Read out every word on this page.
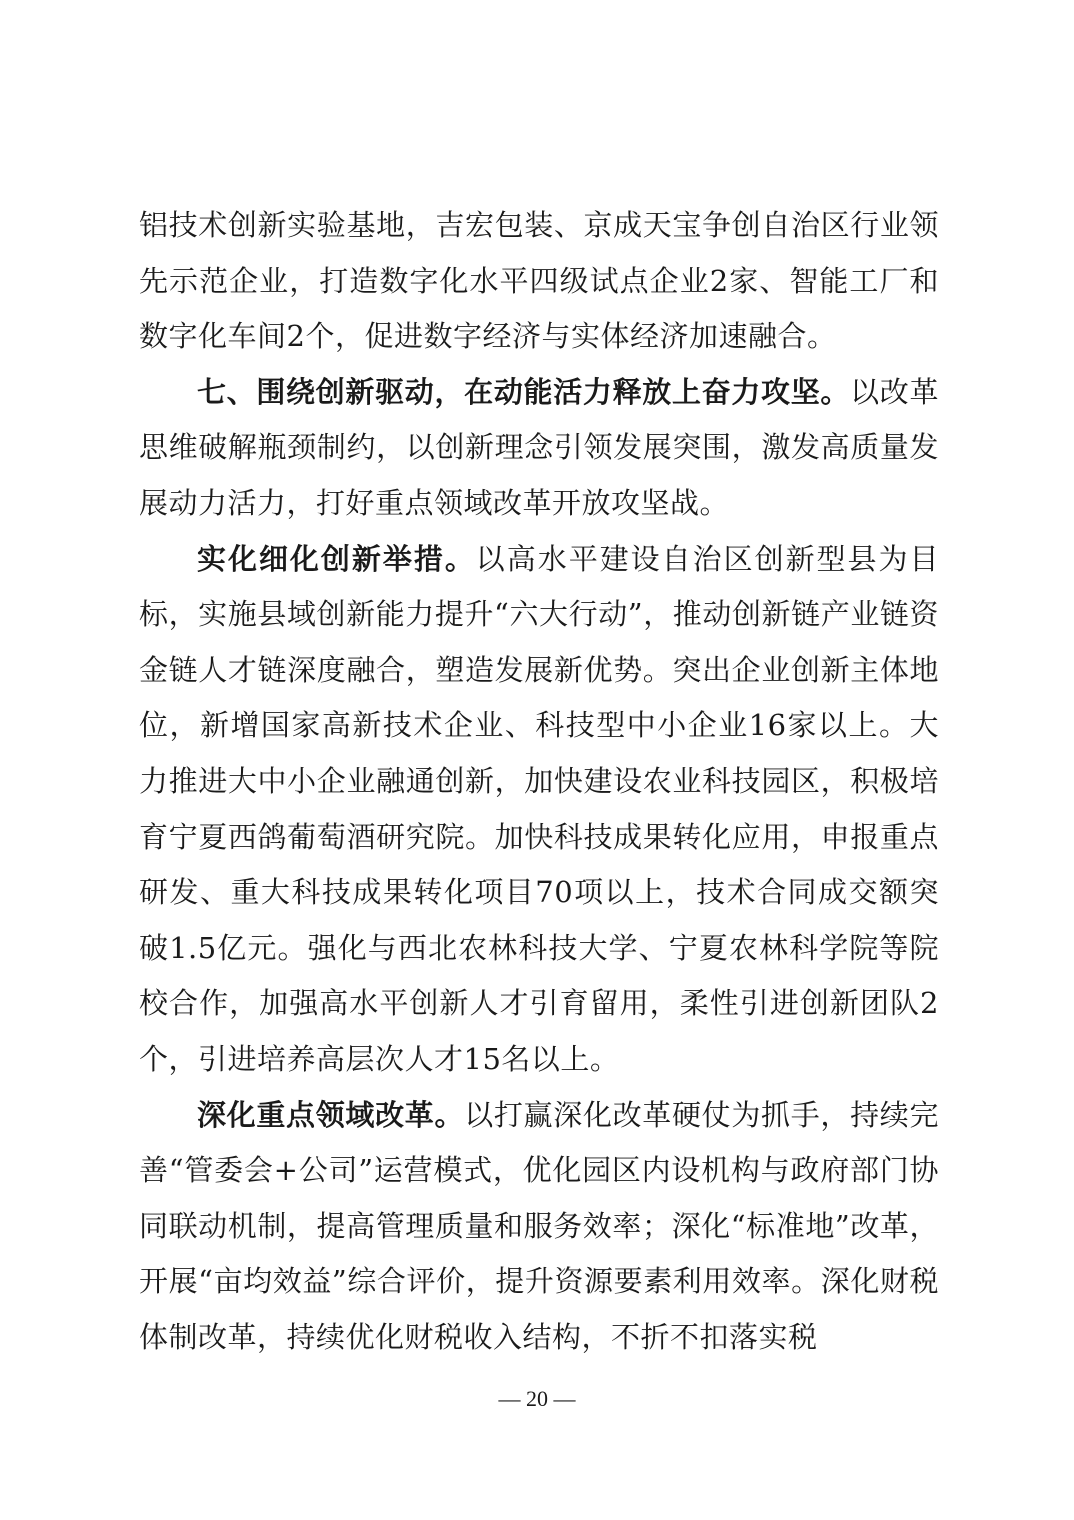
铝技术创新实验基地，吉宏包装、京成天宝争创自治区行业领先示范企业，打造数字化水平四级试点企业2家、智能工厂和数字化车间2个，促进数字经济与实体经济加速融合。

七、围绕创新驱动，在动能活力释放上奋力攻坚。以改革思维破解瓶颈制约，以创新理念引领发展突围，激发高质量发展动力活力，打好重点领域改革开放攻坚战。

实化细化创新举措。以高水平建设自治区创新型县为目标，实施县域创新能力提升“六大行动”，推动创新链产业链资金链人才链深度融合，塑造发展新优势。突出企业创新主体地位，新增国家高新技术企业、科技型中小企业16家以上。大力推进大中小企业融通创新，加快建设农业科技园区，积极培育宁夏西鸽葡萄酒研究院。加快科技成果转化应用，申报重点研发、重大科技成果转化项目70项以上，技术合同成交额突破1.5亿元。强化与西北农林科技大学、宁夏农林科学院等院校合作，加强高水平创新人才引育留用，柔性引进创新团队2个，引进培养高层次人才15名以上。

深化重点领域改革。以打赢深化改革硬仗为抓手，持续完善“管委会+公司”运营模式，优化园区内设机构与政府部门协同联动机制，提高管理质量和服务效率；深化“标准地”改革，开展“亩均效益”综合评价，提升资源要素利用效率。深化财税体制改革，持续优化财税收入结构，不折不扣落实税

— 20 —
